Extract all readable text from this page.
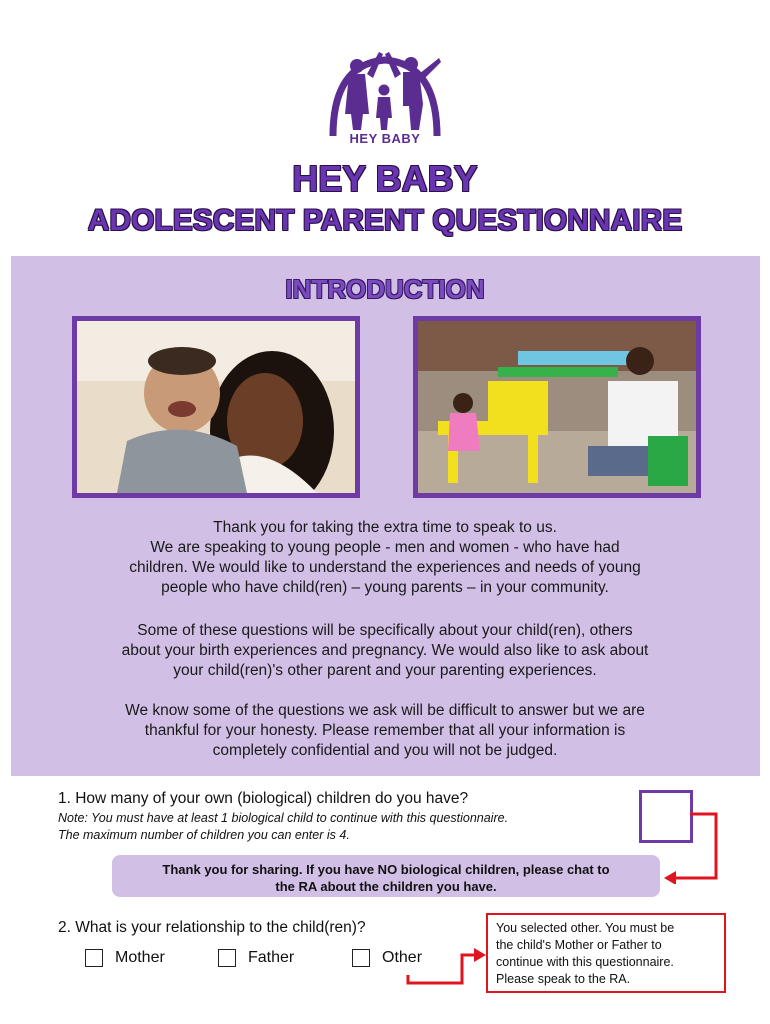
HEY BABY
HEY BABY
ADOLESCENT PARENT QUESTIONNAIRE
INTRODUCTION
Thank you for taking the extra time to speak to us.
We are speaking to young people - men and women - who have had
children. We would like to understand the experiences and needs of young
people who have child(ren) – young parents – in your community.
Some of these questions will be specifically about your child(ren), others
about your birth experiences and pregnancy. We would also like to ask about
your child(ren)'s other parent and your parenting experiences.
We know some of the questions we ask will be difficult to answer but we are
thankful for your honesty. Please remember that all your information is
completely confidential and you will not be judged.
1. How many of your own (biological) children do you have?
Note: You must have at least 1 biological child to continue with this questionnaire.
The maximum number of children you can enter is 4.
Thank you for sharing. If you have NO biological children, please chat to
the RA about the children you have.
2. What is your relationship to the child(ren)?
Mother	Father	Other
You selected other. You must be
the child's Mother or Father to
continue with this questionnaire.
Please speak to the RA.
